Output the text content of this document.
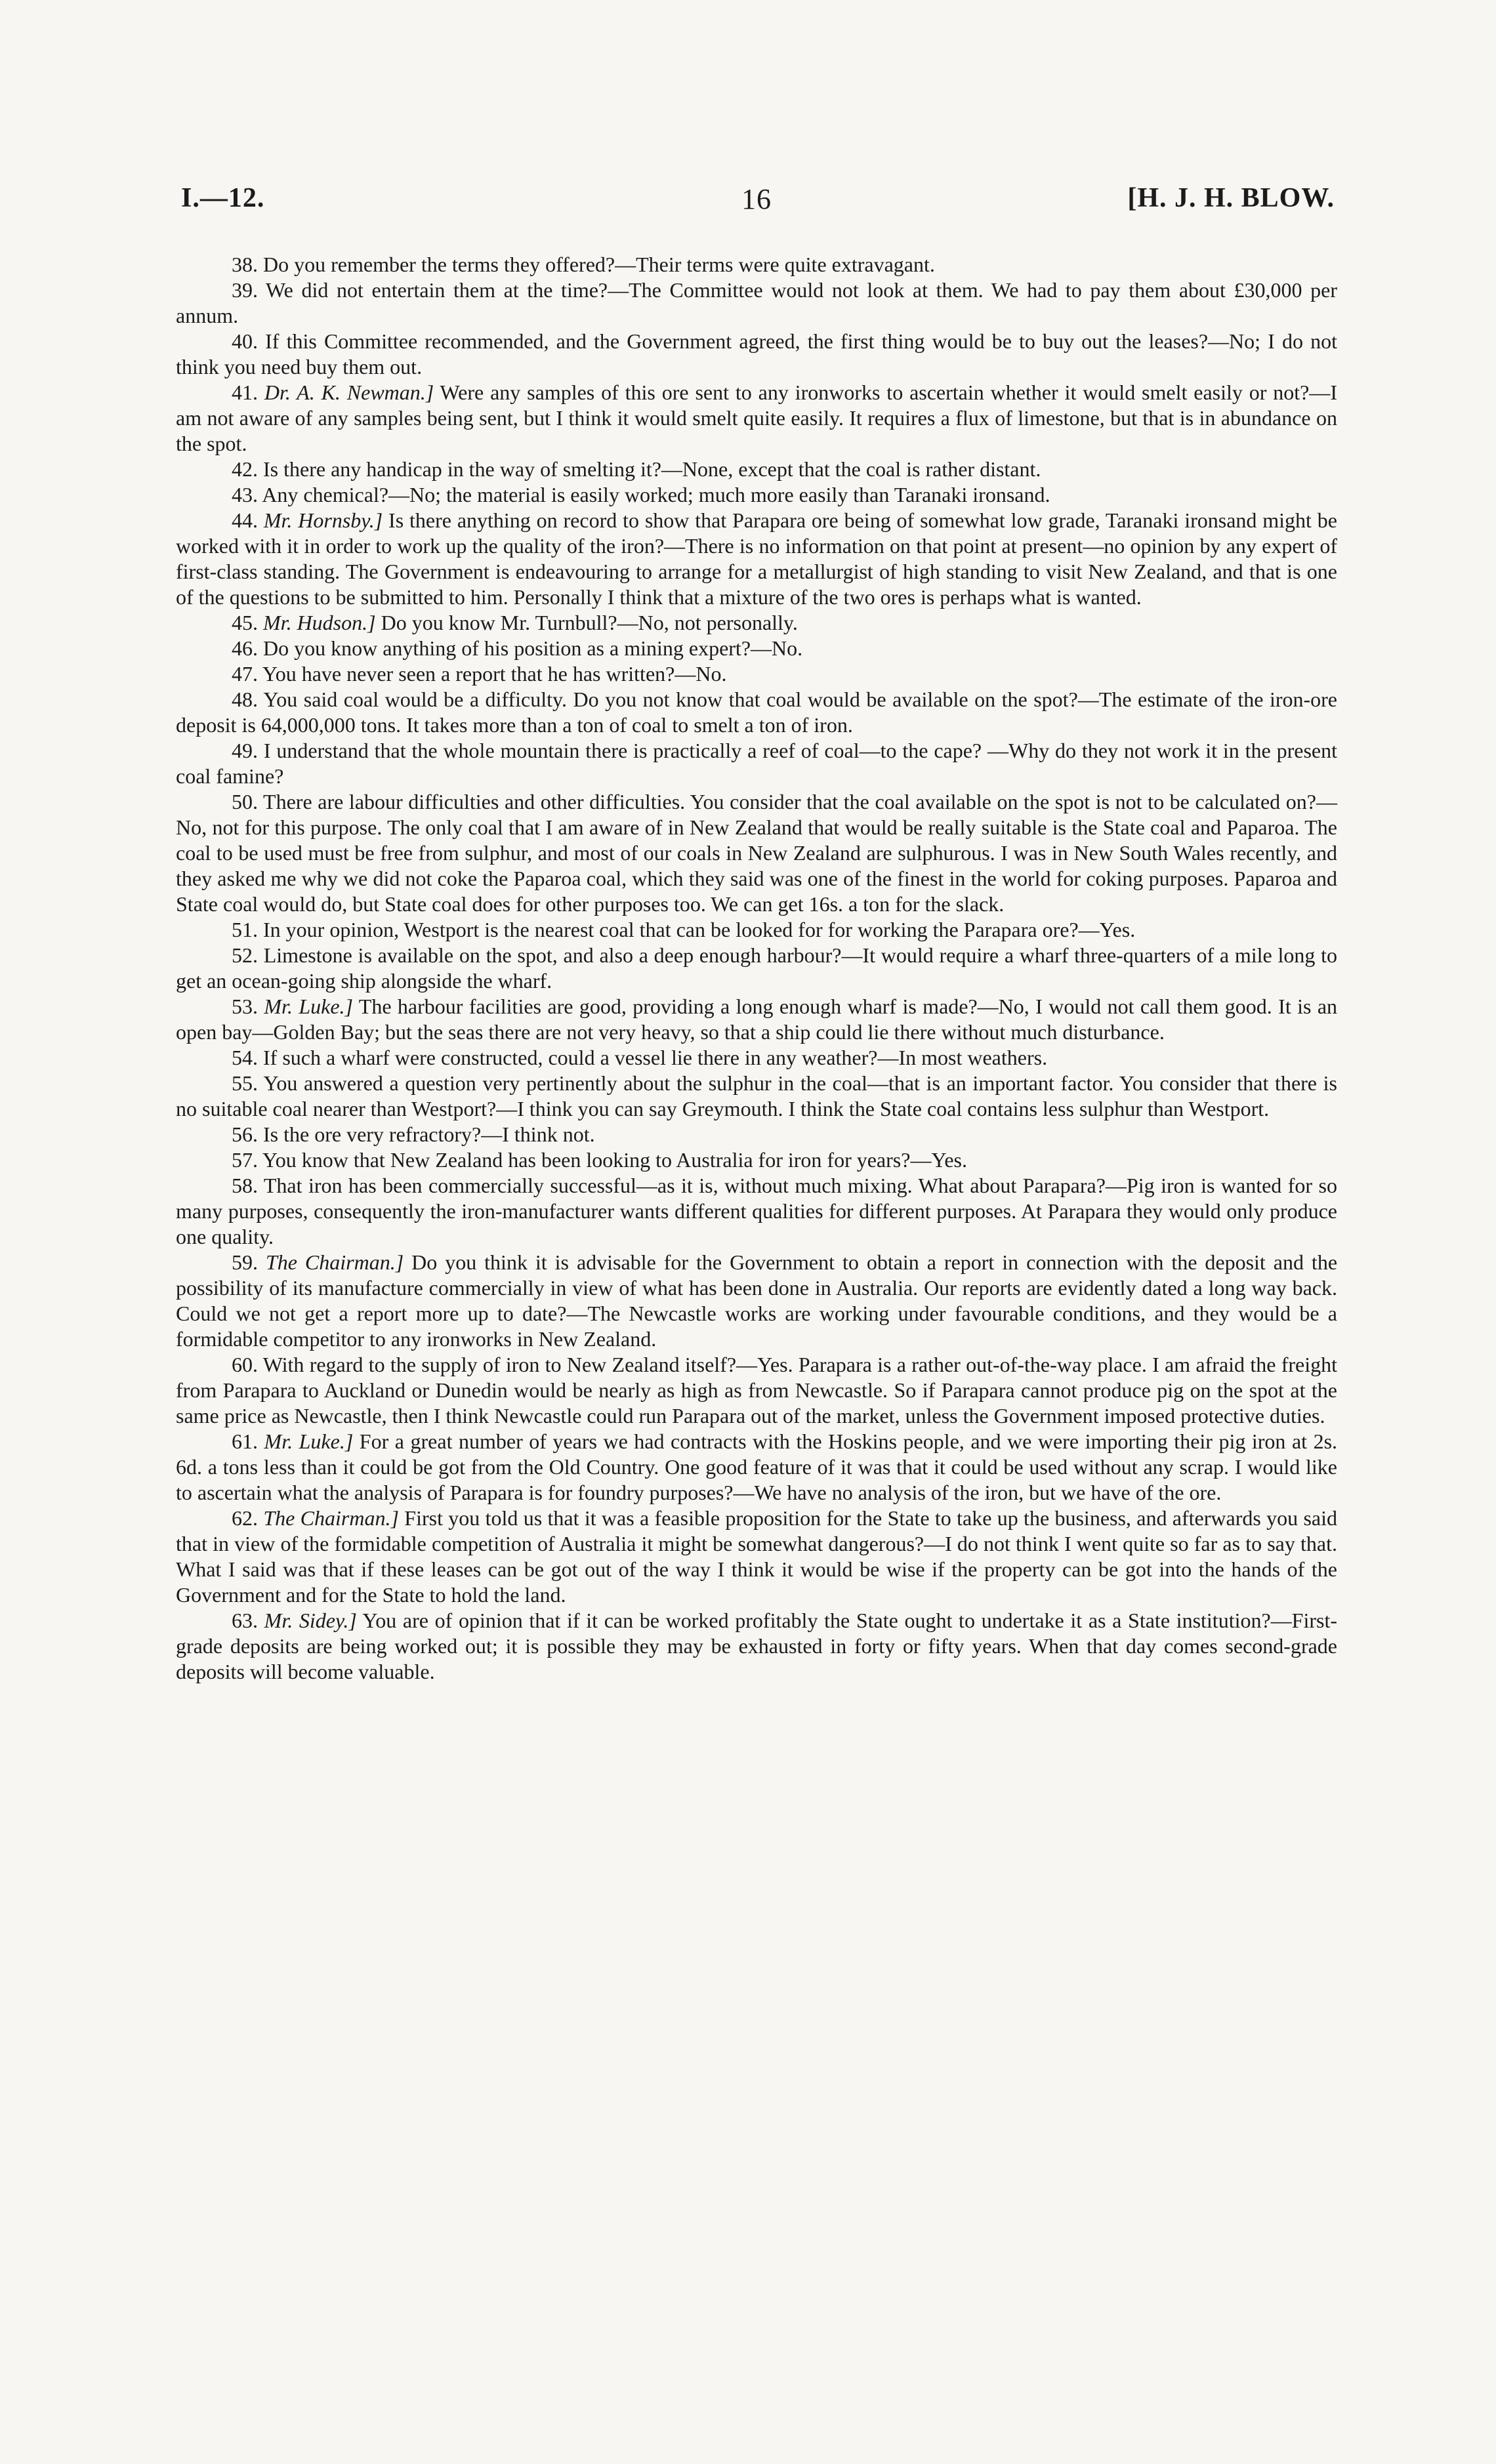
I.—12.	16	[H. J. H. BLOW.

38. Do you remember the terms they offered?—Their terms were quite extravagant.

39. We did not entertain them at the time?—The Committee would not look at them. We had to pay them about £30,000 per annum.

40. If this Committee recommended, and the Government agreed, the first thing would be to buy out the leases?—No; I do not think you need buy them out.

41. Dr. A. K. Newman.] Were any samples of this ore sent to any ironworks to ascertain whether it would smelt easily or not?—I am not aware of any samples being sent, but I think it would smelt quite easily. It requires a flux of limestone, but that is in abundance on the spot.

42. Is there any handicap in the way of smelting it?—None, except that the coal is rather distant.

43. Any chemical?—No; the material is easily worked; much more easily than Taranaki ironsand.

44. Mr. Hornsby.] Is there anything on record to show that Parapara ore being of somewhat low grade, Taranaki ironsand might be worked with it in order to work up the quality of the iron?—There is no information on that point at present—no opinion by any expert of first-class standing. The Government is endeavouring to arrange for a metallurgist of high standing to visit New Zealand, and that is one of the questions to be submitted to him. Personally I think that a mixture of the two ores is perhaps what is wanted.

45. Mr. Hudson.] Do you know Mr. Turnbull?—No, not personally.

46. Do you know anything of his position as a mining expert?—No.

47. You have never seen a report that he has written?—No.

48. You said coal would be a difficulty. Do you not know that coal would be available on the spot?—The estimate of the iron-ore deposit is 64,000,000 tons. It takes more than a ton of coal to smelt a ton of iron.

49. I understand that the whole mountain there is practically a reef of coal—to the cape? —Why do they not work it in the present coal famine?

50. There are labour difficulties and other difficulties. You consider that the coal available on the spot is not to be calculated on?—No, not for this purpose. The only coal that I am aware of in New Zealand that would be really suitable is the State coal and Paparoa. The coal to be used must be free from sulphur, and most of our coals in New Zealand are sulphurous. I was in New South Wales recently, and they asked me why we did not coke the Paparoa coal, which they said was one of the finest in the world for coking purposes. Paparoa and State coal would do, but State coal does for other purposes too. We can get 16s. a ton for the slack.

51. In your opinion, Westport is the nearest coal that can be looked for for working the Parapara ore?—Yes.

52. Limestone is available on the spot, and also a deep enough harbour?—It would require a wharf three-quarters of a mile long to get an ocean-going ship alongside the wharf.

53. Mr. Luke.] The harbour facilities are good, providing a long enough wharf is made?—No, I would not call them good. It is an open bay—Golden Bay; but the seas there are not very heavy, so that a ship could lie there without much disturbance.

54. If such a wharf were constructed, could a vessel lie there in any weather?—In most weathers.

55. You answered a question very pertinently about the sulphur in the coal—that is an important factor. You consider that there is no suitable coal nearer than Westport?—I think you can say Greymouth. I think the State coal contains less sulphur than Westport.

56. Is the ore very refractory?—I think not.

57. You know that New Zealand has been looking to Australia for iron for years?—Yes.

58. That iron has been commercially successful—as it is, without much mixing. What about Parapara?—Pig iron is wanted for so many purposes, consequently the iron-manufacturer wants different qualities for different purposes. At Parapara they would only produce one quality.

59. The Chairman.] Do you think it is advisable for the Government to obtain a report in connection with the deposit and the possibility of its manufacture commercially in view of what has been done in Australia. Our reports are evidently dated a long way back. Could we not get a report more up to date?—The Newcastle works are working under favourable conditions, and they would be a formidable competitor to any ironworks in New Zealand.

60. With regard to the supply of iron to New Zealand itself?—Yes. Parapara is a rather out-of-the-way place. I am afraid the freight from Parapara to Auckland or Dunedin would be nearly as high as from Newcastle. So if Parapara cannot produce pig on the spot at the same price as Newcastle, then I think Newcastle could run Parapara out of the market, unless the Government imposed protective duties.

61. Mr. Luke.] For a great number of years we had contracts with the Hoskins people, and we were importing their pig iron at 2s. 6d. a tons less than it could be got from the Old Country. One good feature of it was that it could be used without any scrap. I would like to ascertain what the analysis of Parapara is for foundry purposes?—We have no analysis of the iron, but we have of the ore.

62. The Chairman.] First you told us that it was a feasible proposition for the State to take up the business, and afterwards you said that in view of the formidable competition of Australia it might be somewhat dangerous?—I do not think I went quite so far as to say that. What I said was that if these leases can be got out of the way I think it would be wise if the property can be got into the hands of the Government and for the State to hold the land.

63. Mr. Sidey.] You are of opinion that if it can be worked profitably the State ought to undertake it as a State institution?—First-grade deposits are being worked out; it is possible they may be exhausted in forty or fifty years. When that day comes second-grade deposits will become valuable.
